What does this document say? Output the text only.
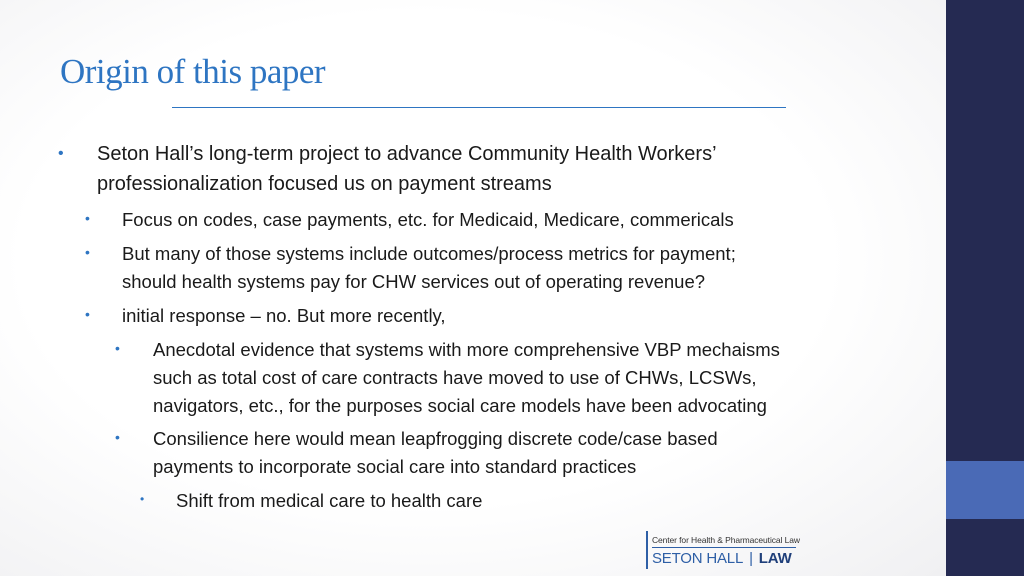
Origin of this paper
• Seton Hall’s long-term project to advance Community Health Workers’

professionalization focused us on payment streams

• Focus on codes, case payments, etc. for Medicaid, Medicare, commericals

• But many of those systems include outcomes/process metrics for payment;

should health systems pay for CHW services out of operating revenue?

• initial response – no. But more recently,

• Anecdotal evidence that systems with more comprehensive VBP mechaisms

such as total cost of care contracts have moved to use of CHWs, LCSWs,

navigators, etc., for the purposes social care models have been advocating

• Consilience here would mean leapfrogging discrete code/case based

payments to incorporate social care into standard practices

• Shift from medical care to health care

Center for Health & Pharmaceutical Law
SETON HALL | LAW
